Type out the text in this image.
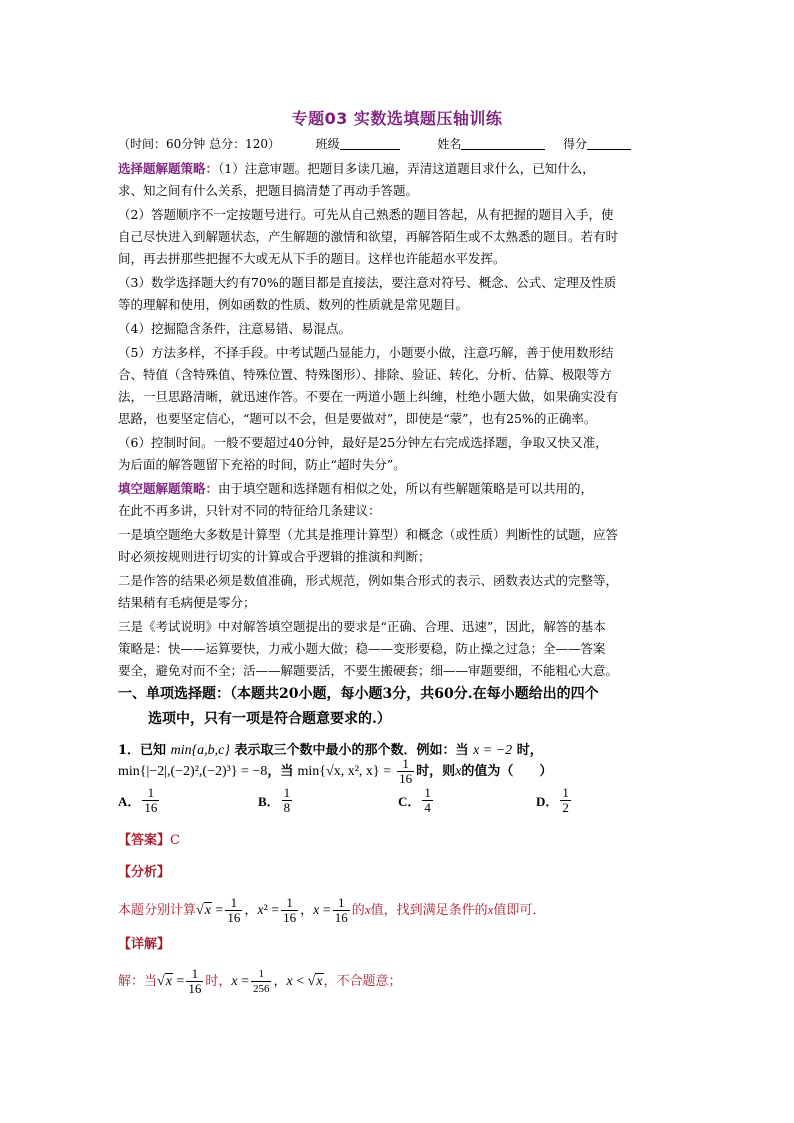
专题03 实数选填题压轴训练
（时间：60分钟 总分：120）	班级	姓名	得分
选择题解题策略：（1）注意审题。把题目多读几遍，弄清这道题目求什么，已知什么，
求、知之间有什么关系，把题目搞清楚了再动手答题。
（2）答题顺序不一定按题号进行。可先从自己熟悉的题目答起，从有把握的题目入手，使
自己尽快进入到解题状态，产生解题的激情和欲望，再解答陌生或不太熟悉的题目。若有时
间，再去拼那些把握不大或无从下手的题目。这样也许能超水平发挥。
（3）数学选择题大约有70%的题目都是直接法，要注意对符号、概念、公式、定理及性质
等的理解和使用，例如函数的性质、数列的性质就是常见题目。
（4）挖掘隐含条件，注意易错、易混点。
（5）方法多样，不择手段。中考试题凸显能力，小题要小做，注意巧解，善于使用数形结
合、特值（含特殊值、特殊位置、特殊图形）、排除、验证、转化、分析、估算、极限等方
法，一旦思路清晰，就迅速作答。不要在一两道小题上纠缠，杜绝小题大做，如果确实没有
思路，也要坚定信心，“题可以不会，但是要做对”，即使是“蒙”，也有25%的正确率。
（6）控制时间。一般不要超过40分钟，最好是25分钟左右完成选择题，争取又快又准，
为后面的解答题留下充裕的时间，防止“超时失分”。
填空题解题策略：由于填空题和选择题有相似之处，所以有些解题策略是可以共用的，
在此不再多讲，只针对不同的特征给几条建议：
一是填空题绝大多数是计算型（尤其是推理计算型）和概念（或性质）判断性的试题，应答
时必须按规则进行切实的计算或合乎逻辑的推演和判断；
二是作答的结果必须是数值准确，形式规范，例如集合形式的表示、函数表达式的完整等，
结果稍有毛病便是零分；
三是《考试说明》中对解答填空题提出的要求是“正确、合理、迅速”，因此，解答的基本
策略是：快——运算要快，力戒小题大做；稳——变形要稳，防止操之过急；全——答案
要全，避免对而不全；活——解题要活，不要生搬硬套；细——审题要细，不能粗心大意。
一、单项选择题：（本题共20小题，每小题3分，共60分.在每小题给出的四个
选项中，只有一项是符合题意要求的.）
1．已知 min{a,b,c} 表示取三个数中最小的那个数．例如：当 x = −2 时，
min{|−2|,(−2)²,(−2)³} = −8，当 min{√x, x², $x\} = \frac{1}{16}$ 时，则x的值为（　　）
A． $\frac{1}{16}$	B． $\frac{1}{8}$	C． $\frac{1}{4}$	D． $\frac{1}{2}$
【答案】C
【分析】
本题分别计算$√x = \frac{1}{16}$ ，$x^2 = \frac{1}{16}$ ，$x = \frac{1}{16}$ 的x值，找到满足条件的x值即可．
【详解】
解：当$√x = \frac{1}{16}$ 时，$x = \frac{1}{256}$ ，x < √x，不合题意；
